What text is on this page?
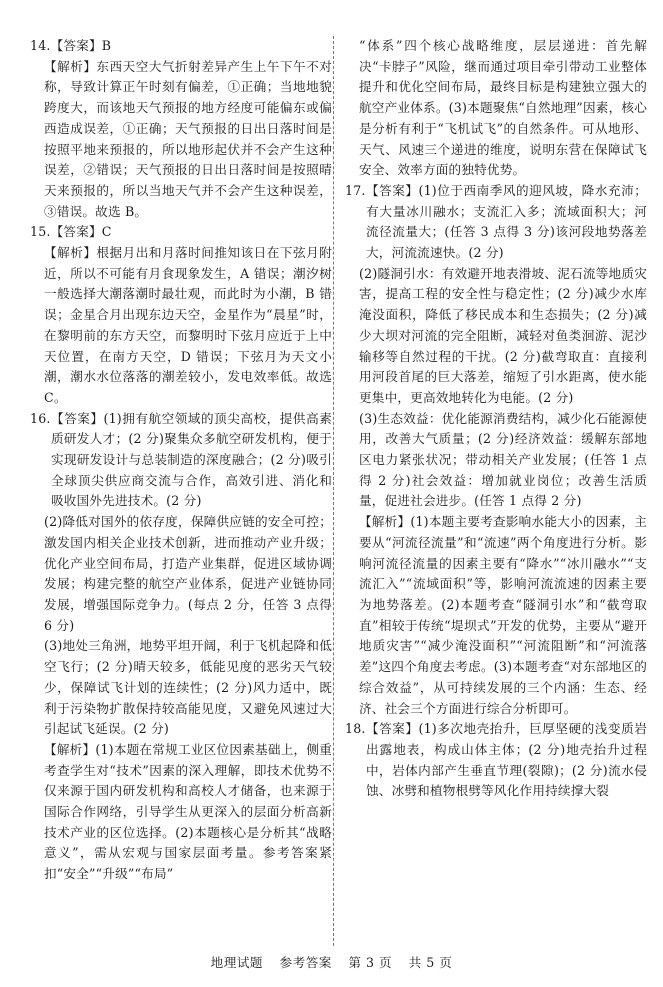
14.【答案】B

【解析】东西天空大气折射差异产生上午下午不对称，导致计算正午时刻有偏差，①正确；当地地貌跨度大，而该地天气预报的地方经度可能偏东或偏西造成误差，①正确；天气预报的日出日落时间是按照平地来预报的，所以地形起伏并不会产生这种误差，②错误；天气预报的日出日落时间是按照晴天来预报的，所以当地天气并不会产生这种误差，③错误。故选 B。

15.【答案】C

【解析】根据月出和月落时间推知该日在下弦月附近，所以不可能有月食现象发生，A 错误；潮汐树一般选择大潮落潮时最壮观，而此时为小潮，B 错误；金星合月出现东边天空，金星作为“晨星”时，在黎明前的东方天空，而黎明时下弦月应近于上中天位置，在南方天空，D 错误；下弦月为天文小潮，潮水水位落落的潮差较小，发电效率低。故选 C。

16.【答案】(1)拥有航空领域的顶尖高校，提供高素质研发人才；(2 分)聚集众多航空研发机构，便于实现研发设计与总装制造的深度融合；(2 分)吸引全球顶尖供应商交流与合作，高效引进、消化和吸收国外先进技术。(2 分)

(2)降低对国外的依存度，保障供应链的安全可控；激发国内相关企业技术创新，进而推动产业升级；优化产业空间布局，打造产业集群，促进区域协调发展；构建完整的航空产业体系，促进产业链协同发展，增强国际竞争力。(每点 2 分，任答 3 点得 6 分)

(3)地处三角洲，地势平坦开阔，利于飞机起降和低空飞行；(2 分)晴天较多，低能见度的恶劣天气较少，保障试飞计划的连续性；(2 分)风力适中，既利于污染物扩散保持较高能见度，又避免风速过大引起试飞延误。(2 分)

【解析】(1)本题在常规工业区位因素基础上，侧重考查学生对“技术”因素的深入理解，即技术优势不仅来源于国内研发机构和高校人才储备，也来源于国际合作网络，引导学生从更深入的层面分析高新技术产业的区位选择。(2)本题核心是分析其“战略意义”，需从宏观与国家层面考量。参考答案紧扣“安全”“升级”“布局”

“体系”四个核心战略维度，层层递进：首先解决“卡脖子”风险，继而通过项目牵引带动工业整体提升和优化空间布局，最终目标是构建独立强大的航空产业体系。(3)本题聚焦“自然地理”因素，核心是分析有利于“飞机试飞”的自然条件。可从地形、天气、风速三个递进的维度，说明东营在保障试飞安全、效率方面的独特优势。

17.【答案】(1)位于西南季风的迎风坡，降水充沛；有大量冰川融水；支流汇入多；流域面积大；河流径流量大；(任答 3 点得 3 分)该河段地势落差大，河流流速快。(2 分)

(2)隧洞引水：有效避开地表滑坡、泥石流等地质灾害，提高工程的安全性与稳定性；(2 分)减少水库淹没面积，降低了移民成本和生态损失；(2 分)减少大坝对河流的完全阻断，减轻对鱼类洄游、泥沙输移等自然过程的干扰。(2 分)截弯取直：直接利用河段首尾的巨大落差，缩短了引水距离，使水能更集中，更高效地转化为电能。(2 分)

(3)生态效益：优化能源消费结构，减少化石能源使用，改善大气质量；(2 分)经济效益：缓解东部地区电力紧张状况；带动相关产业发展；(任答 1 点得 2 分)社会效益：增加就业岗位；改善生活质量，促进社会进步。(任答 1 点得 2 分)

【解析】(1)本题主要考查影响水能大小的因素，主要从“河流径流量”和“流速”两个角度进行分析。影响河流径流量的因素主要有“降水”“冰川融水”“支流汇入”“流域面积”等，影响河流流速的因素主要为地势落差。(2)本题考查“隧洞引水”和“截弯取直”相较于传统“堤坝式”开发的优势，主要从“避开地质灾害”“减少淹没面积”“河流阻断”和“河流落差”这四个角度去考虑。(3)本题考查“对东部地区的综合效益”，从可持续发展的三个内涵：生态、经济、社会三个方面进行综合分析即可。

18.【答案】(1)多次地壳抬升，巨厚坚硬的浅变质岩出露地表，构成山体主体；(2 分)地壳抬升过程中，岩体内部产生垂直节理(裂隙)；(2 分)流水侵蚀、冰劈和植物根劈等风化作用持续撑大裂

地理试题 参考答案 第 3 页 共 5 页
